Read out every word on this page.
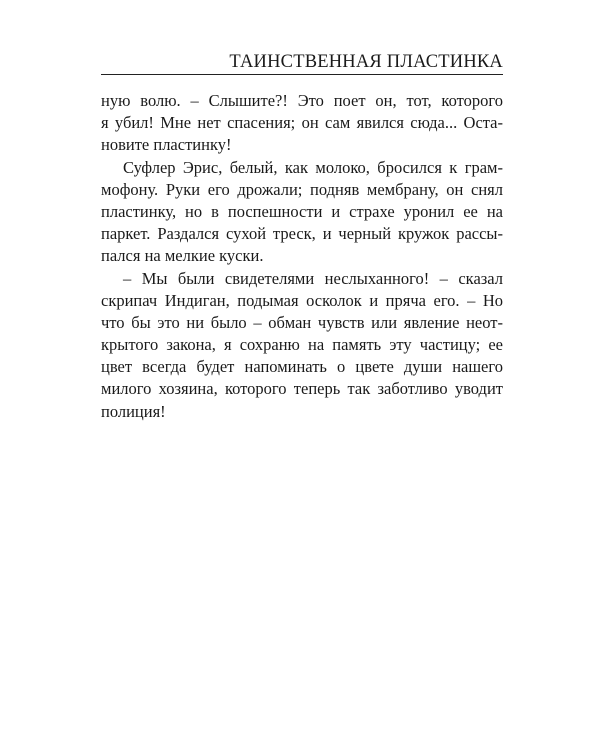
ТАИНСТВЕННАЯ ПЛАСТИНКА
ную волю. – Слышите?! Это поет он, тот, которого
я убил! Мне нет спасения; он сам явился сюда... Оста-
новите пластинку!
Суфлер Эрис, белый, как молоко, бросился к грам-
мофону. Руки его дрожали; подняв мембрану, он снял
пластинку, но в поспешности и страхе уронил ее на
паркет. Раздался сухой треск, и черный кружок рассы-
пался на мелкие куски.
– Мы были свидетелями неслыханного! – сказал
скрипач Индиган, подымая осколок и пряча его. – Но
что бы это ни было – обман чувств или явление неот-
крытого закона, я сохраню на память эту частицу; ее
цвет всегда будет напоминать о цвете души нашего
милого хозяина, которого теперь так заботливо уводит
полиция!
